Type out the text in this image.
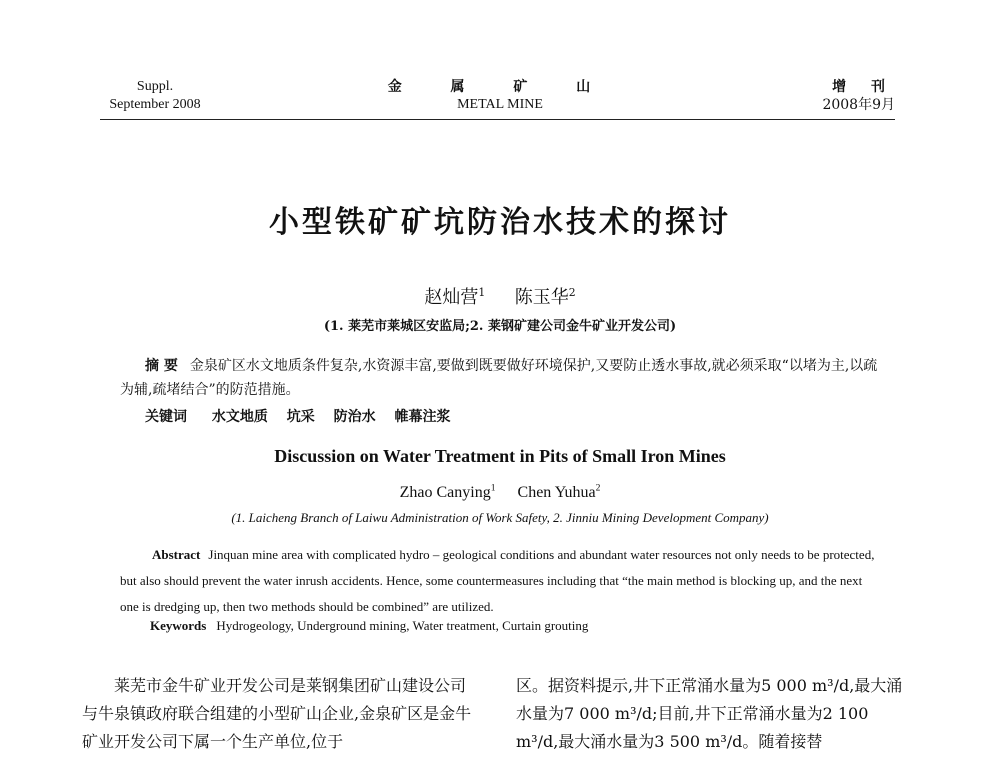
Suppl.
September 2008
金 属 矿 山
METAL MINE
增 刊
2008年9月
小型铁矿矿坑防治水技术的探讨
赵灿营$^1$ 陈玉华$^2$
(1. 莱芜市莱城区安监局;2. 莱钢矿建公司金牛矿业开发公司)
摘 要 金泉矿区水文地质条件复杂,水资源丰富,要做到既要做好环境保护,又要防止透水事故,就必须采取“以堵为主,以疏为辅,疏堵结合”的防范措施。
关键词 水文地质 坑采 防治水 帷幕注浆
Discussion on Water Treatment in Pits of Small Iron Mines
Zhao Canying$^1$ Chen Yuhua$^2$
(1. Laicheng Branch of Laiwu Administration of Work Safety, 2. Jinniu Mining Development Company)
Abstract Jinquan mine area with complicated hydro – geological conditions and abundant water resources not only needs to be protected, but also should prevent the water inrush accidents. Hence, some countermeasures including that “the main method is blocking up, and the next one is dredging up, then two methods should be combined” are utilized.
Keywords Hydrogeology, Underground mining, Water treatment, Curtain grouting
莱芜市金牛矿业开发公司是莱钢集团矿山建设公司与牛泉镇政府联合组建的小型矿山企业,金泉矿区是金牛矿业开发公司下属一个生产单位,位于
区。据资料提示,井下正常涌水量为5 000 m³/d,最大涌水量为7 000 m³/d;目前,井下正常涌水量为2 100 m³/d,最大涌水量为3 500 m³/d。随着接替
